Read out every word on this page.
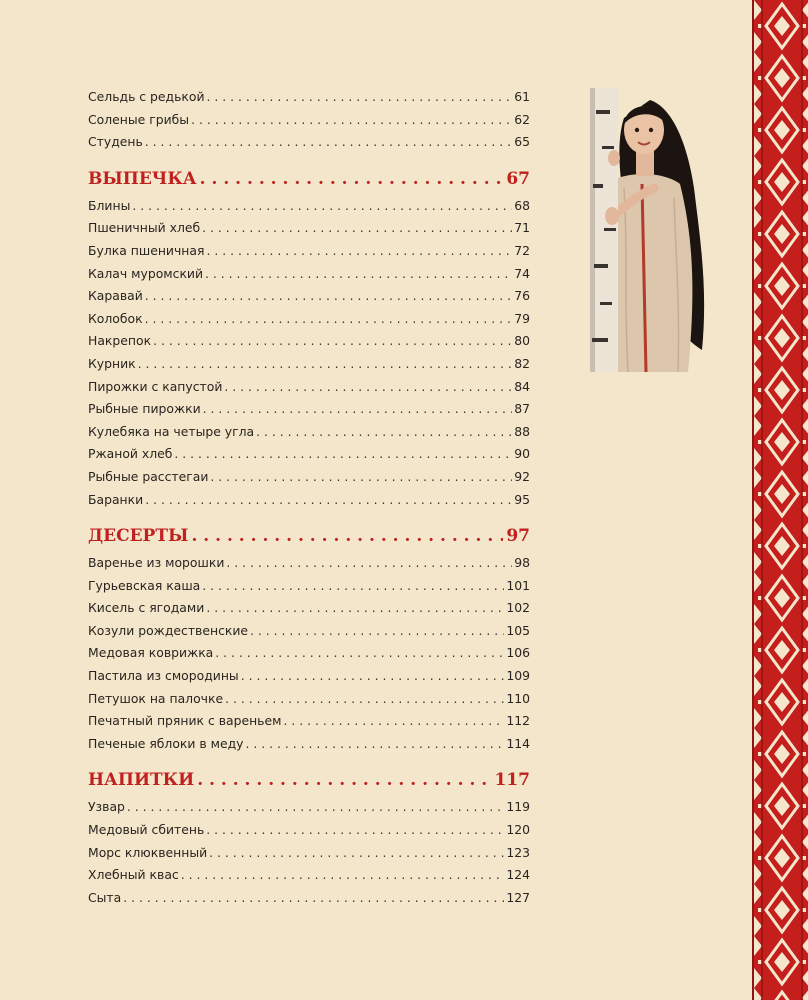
Сельдь с редькой . . .	61
Соленые грибы . . .	62
Студень . . .	65
ВЫПЕЧКА . . .	67
Блины . . .	68
Пшеничный хлеб . . .	71
Булка пшеничная . . .	72
Калач муромский . . .	74
Каравай . . .	76
Колобок . . .	79
Накрепок . . .	80
Курник . . .	82
Пирожки с капустой . . .	84
Рыбные пирожки . . .	87
Кулебяка на четыре угла . . .	88
Ржаной хлеб . . .	90
Рыбные расстегаи . . .	92
Баранки . . .	95
ДЕСЕРТЫ . . .	97
Варенье из морошки . . .	98
Гурьевская каша . . .	101
Кисель с ягодами . . .	102
Козули рождественские . . .	105
Медовая коврижка . . .	106
Пастила из смородины . . .	109
Петушок на палочке . . .	110
Печатный пряник с вареньем . . .	112
Печеные яблоки в меду . . .	114
НАПИТКИ . . .	117
Узвар . . .	119
Медовый сбитень . . .	120
Морс клюквенный . . .	123
Хлебный квас . . .	124
Сыта . . .	127
